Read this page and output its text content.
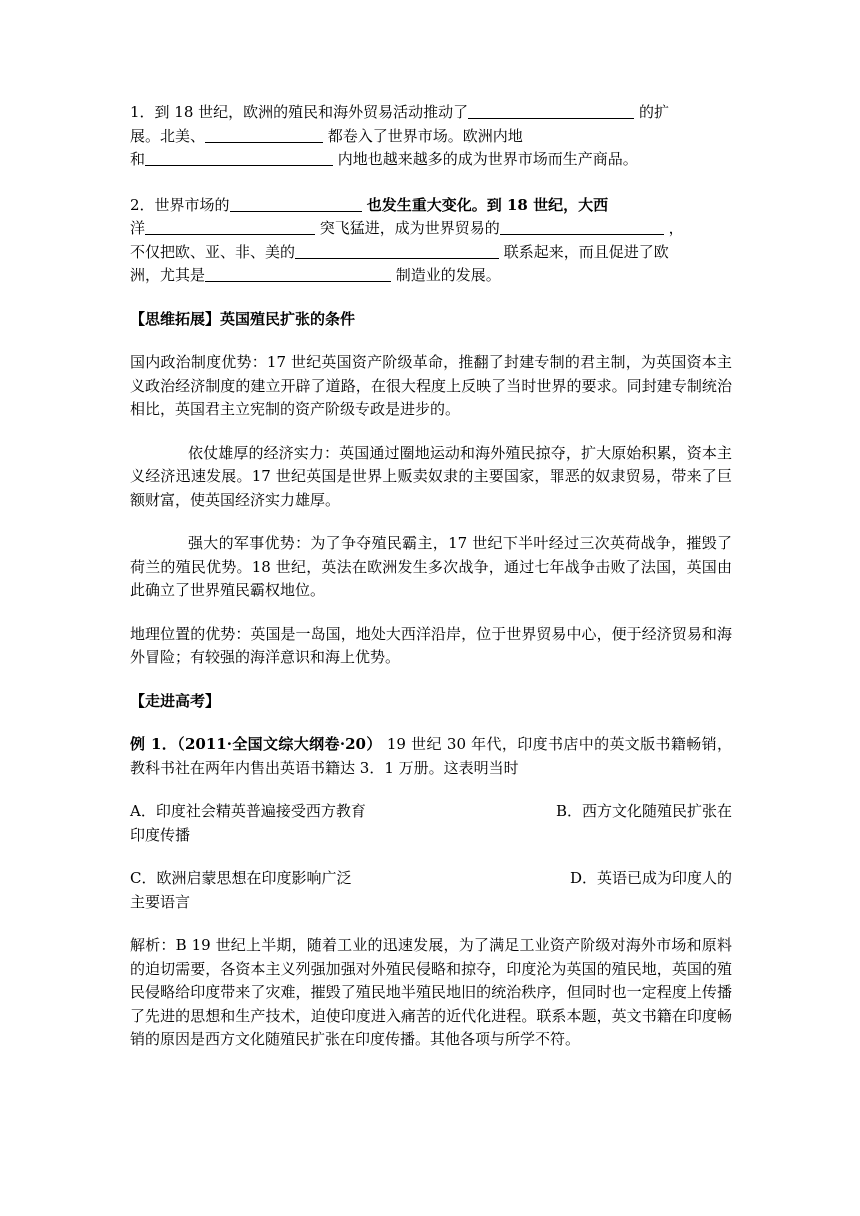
1．到 18 世纪，欧洲的殖民和海外贸易活动推动了	的扩

展。北美、	都卷入了世界市场。欧洲内地

和	内地也越来越多的成为世界市场而生产商品。

2．世界市场的	也发生重大变化。到 18 世纪，大西

洋	突飞猛进，成为世界贸易的	，

不仅把欧、亚、非、美的	联系起来，而且促进了欧

洲，尤其是	制造业的发展。

【思维拓展】英国殖民扩张的条件

国内政治制度优势：17 世纪英国资产阶级革命，推翻了封建专制的君主制，为英国资本主义政治经济制度的建立开辟了道路，在很大程度上反映了当时世界的要求。同封建专制统治相比，英国君主立宪制的资产阶级专政是进步的。

依仗雄厚的经济实力：英国通过圈地运动和海外殖民掠夺，扩大原始积累，资本主义经济迅速发展。17 世纪英国是世界上贩卖奴隶的主要国家，罪恶的奴隶贸易，带来了巨额财富，使英国经济实力雄厚。

强大的军事优势：为了争夺殖民霸主，17 世纪下半叶经过三次英荷战争，摧毁了荷兰的殖民优势。18 世纪，英法在欧洲发生多次战争，通过七年战争击败了法国，英国由此确立了世界殖民霸权地位。

地理位置的优势：英国是一岛国，地处大西洋沿岸，位于世界贸易中心，便于经济贸易和海外冒险；有较强的海洋意识和海上优势。

【走进高考】

例 1．（2011·全国文综大纲卷·20） 19 世纪 30 年代，印度书店中的英文版书籍畅销，教科书社在两年内售出英语书籍达 3．1 万册。这表明当时

A．印度社会精英普遍接受西方教育	B．西方文化随殖民扩张在

印度传播

C．欧洲启蒙思想在印度影响广泛	D．英语已成为印度人的

主要语言

解析：B 19 世纪上半期，随着工业的迅速发展，为了满足工业资产阶级对海外市场和原料的迫切需要，各资本主义列强加强对外殖民侵略和掠夺，印度沦为英国的殖民地，英国的殖民侵略给印度带来了灾难，摧毁了殖民地半殖民地旧的统治秩序，但同时也一定程度上传播了先进的思想和生产技术，迫使印度进入痛苦的近代化进程。联系本题，英文书籍在印度畅销的原因是西方文化随殖民扩张在印度传播。其他各项与所学不符。
